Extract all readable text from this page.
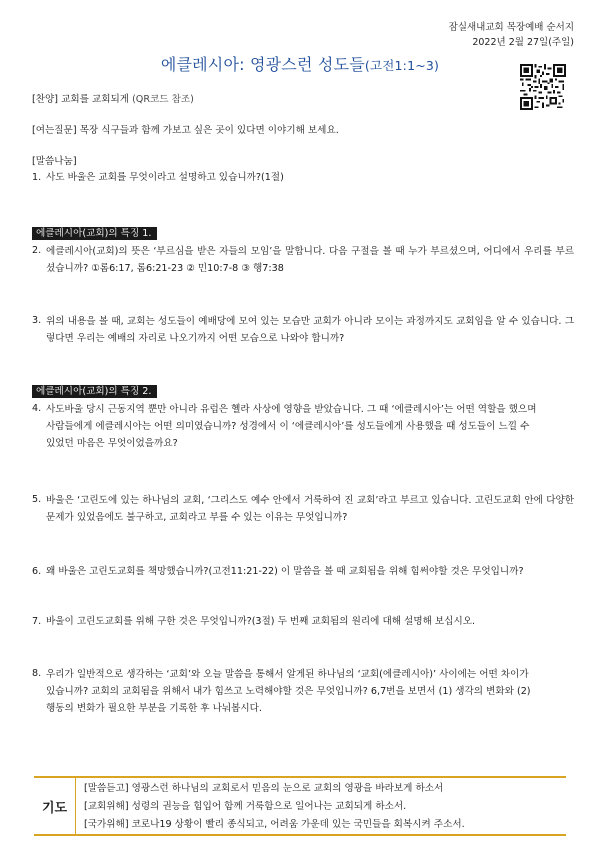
잠실새내교회 목장예배 순서지
2022년 2월 27일(주일)
에클레시아: 영광스런 성도들(고전1:1~3)
[찬양] 교회를 교회되게 (QR코드 참조)
[여는질문] 목장 식구들과 함께 가보고 싶은 곳이 있다면 이야기해 보세요.
[말씀나눔]
1. 사도 바울은 교회를 무엇이라고 설명하고 있습니까?(1절)
에클레시아(교회)의 특징 1.
2. 에클레시아(교회)의 뜻은 ‘부르심을 받은 자들의 모임’을 말합니다. 다음 구절을 볼 때 누가 부르셨으며, 어디에서 우리를 부르셨습니까? ①롬6:17, 롬6:21-23 ② 민10:7-8 ③ 행7:38
3. 위의 내용을 볼 때, 교회는 성도들이 예배당에 모여 있는 모습만 교회가 아니라 모이는 과정까지도 교회임을 알 수 있습니다. 그렇다면 우리는 예배의 자리로 나오기까지 어떤 모습으로 나와야 합니까?
에클레시아(교회)의 특징 2.
4. 사도바울 당시 근동지역 뿐만 아니라 유럽은 헬라 사상에 영향을 받았습니다. 그 때 ‘에클레시아’는 어떤 역할을 했으며
사람들에게 에클레시아는 어떤 의미였습니까? 성경에서 이 ‘에클레시아’를 성도들에게 사용했을 때 성도들이 느낄 수
있었던 마음은 무엇이었을까요?
5. 바울은 ‘고린도에 있는 하나님의 교회, ‘그리스도 예수 안에서 거룩하여 진 교회’라고 부르고 있습니다. 고린도교회 안에 다양한 문제가 있었음에도 불구하고, 교회라고 부를 수 있는 이유는 무엇입니까?
6. 왜 바울은 고린도교회를 책망했습니까?(고전11:21-22) 이 말씀을 볼 때 교회됨을 위해 힘써야할 것은 무엇입니까?
7. 바울이 고린도교회를 위해 구한 것은 무엇입니까?(3절) 두 번째 교회됨의 원리에 대해 설명해 보십시오.
8. 우리가 일반적으로 생각하는 ‘교회’와 오늘 말씀을 통해서 알게된 하나님의 ‘교회(에클레시아)’ 사이에는 어떤 차이가
있습니까? 교회의 교회됨을 위해서 내가 힘쓰고 노력해야할 것은 무엇입니까? 6,7번을 보면서 (1) 생각의 변화와 (2)
행동의 변화가 필요한 부분을 기록한 후 나눠봅시다.
기도
[말씀듣고] 영광스런 하나님의 교회로서 믿음의 눈으로 교회의 영광을 바라보게 하소서
[교회위해] 성령의 권능을 힘입어 함께 거룩함으로 일어나는 교회되게 하소서.
[국가위해] 코로나19 상황이 빨리 종식되고, 어려움 가운데 있는 국민들을 회복시켜 주소서.
